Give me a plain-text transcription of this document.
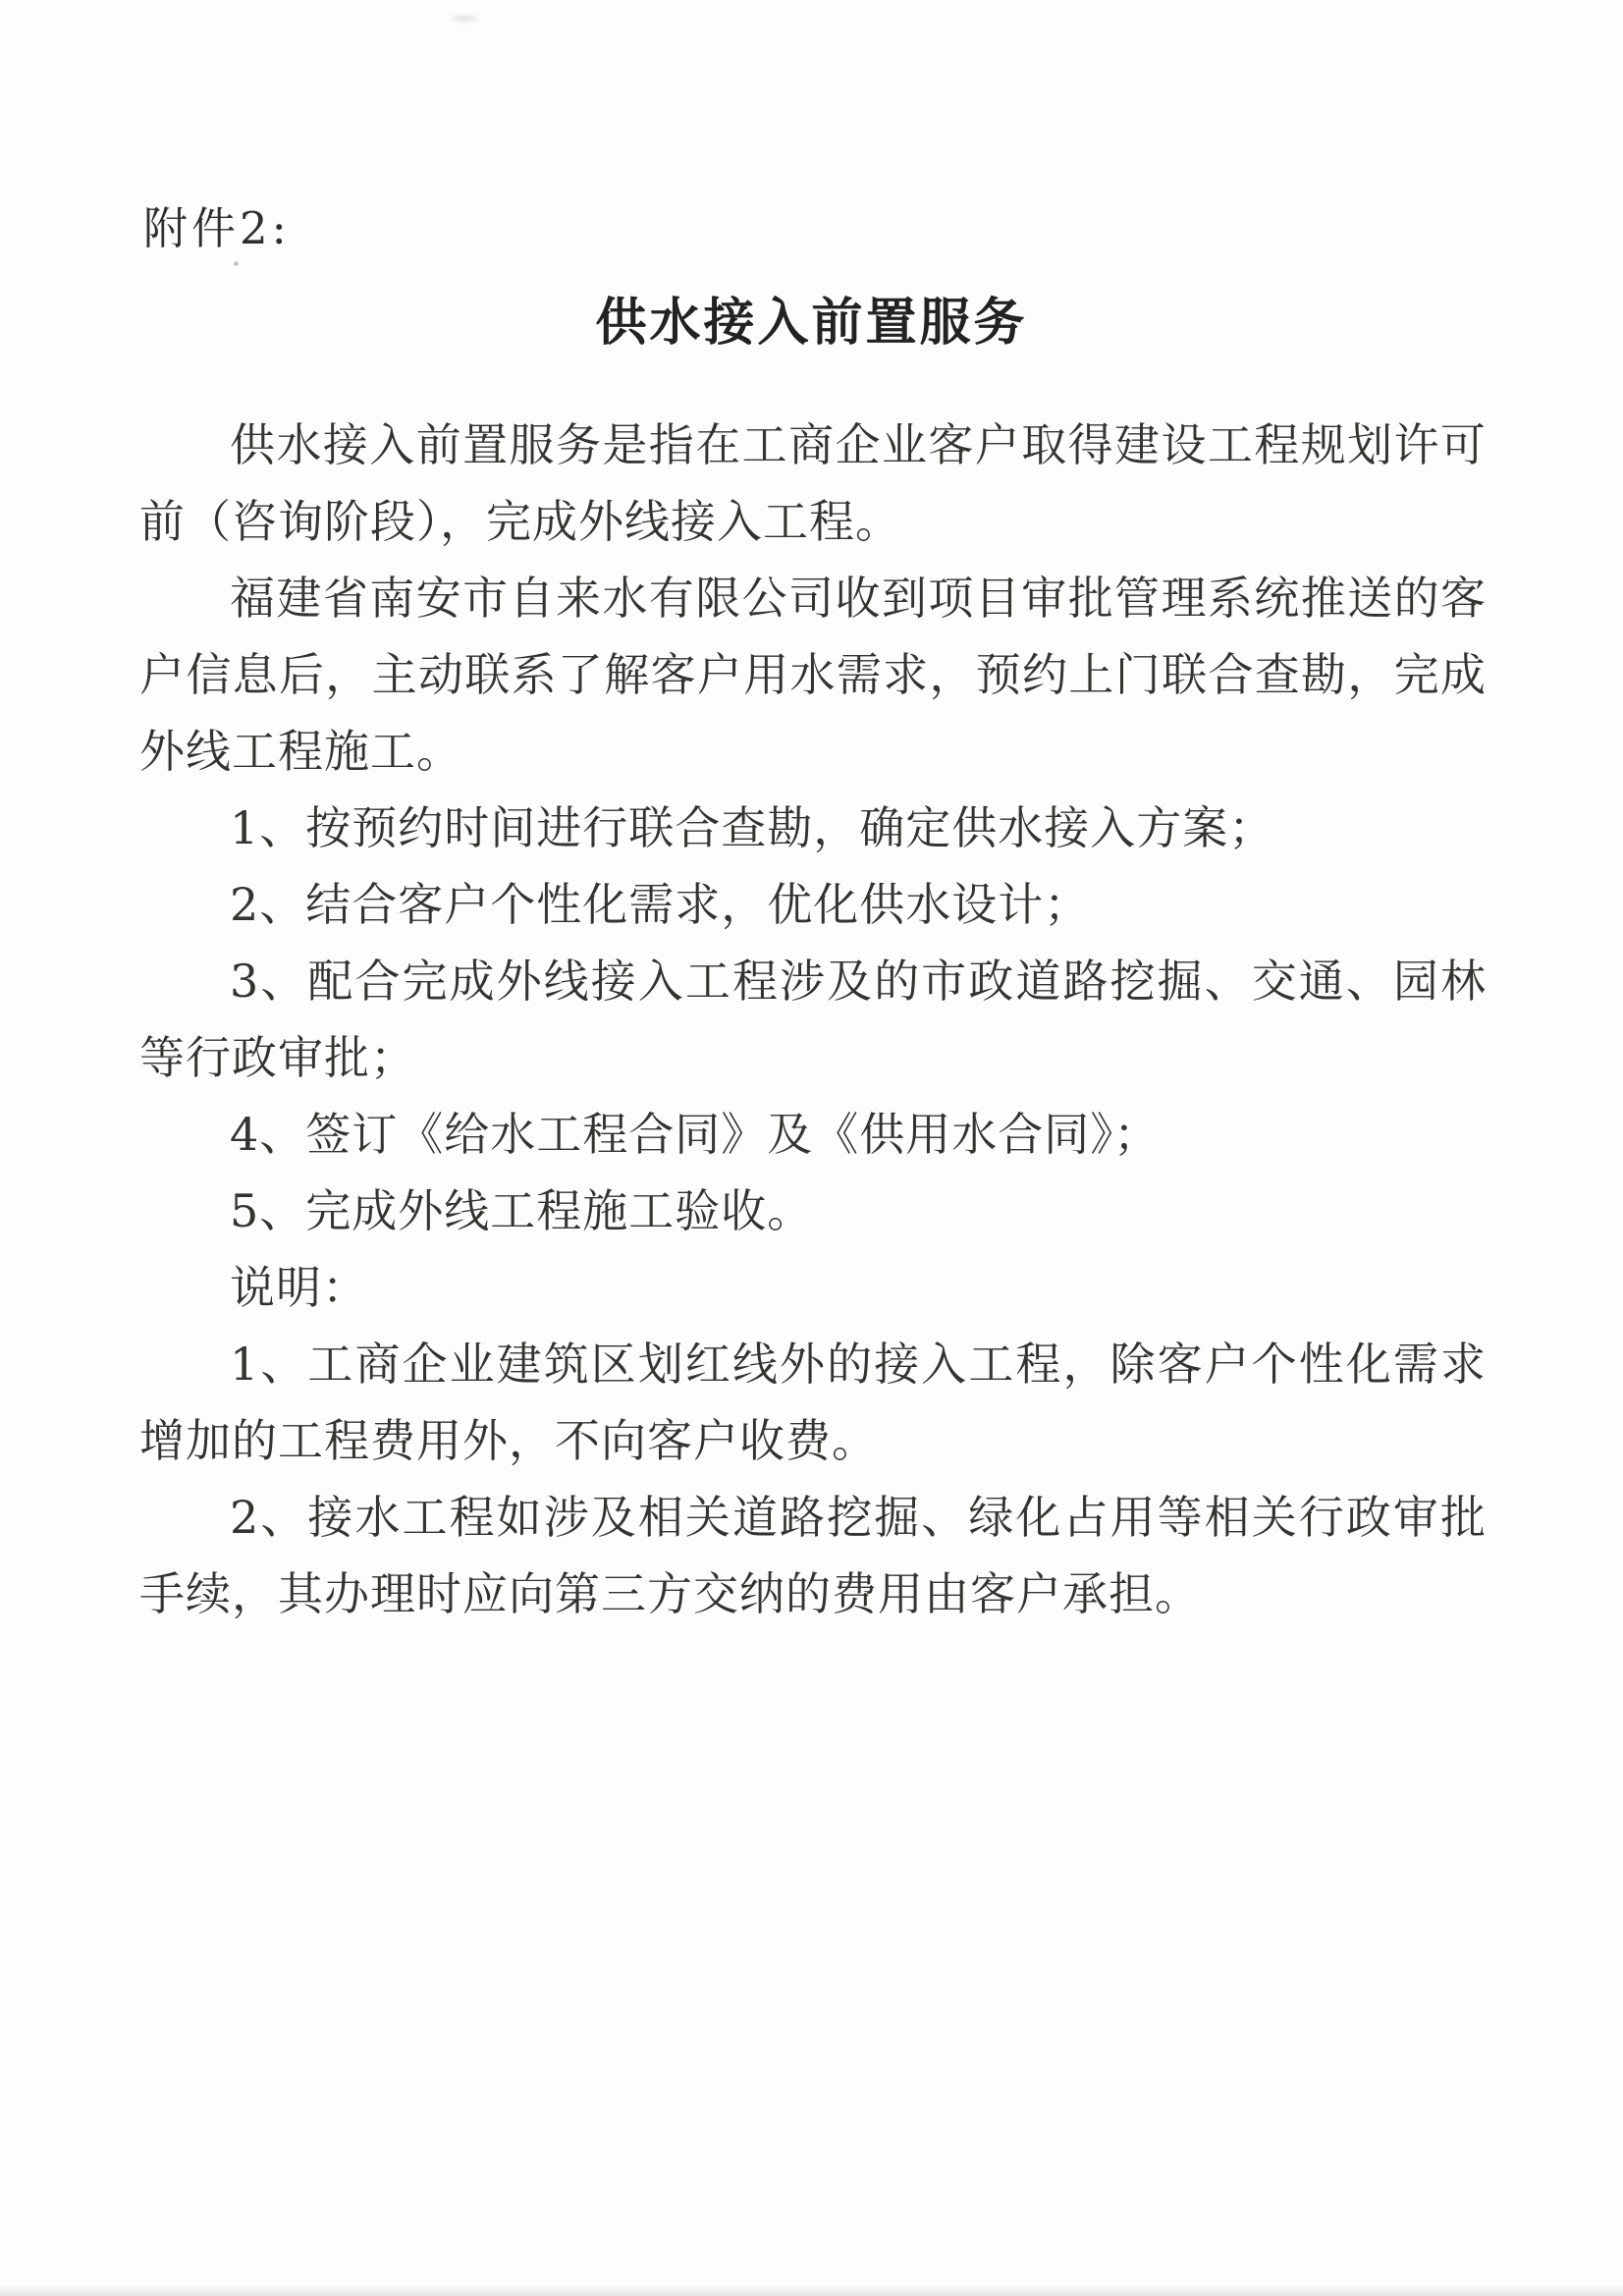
附件2:
供水接入前置服务

供水接入前置服务是指在工商企业客户取得建设工程规划许可前（咨询阶段），完成外线接入工程。

福建省南安市自来水有限公司收到项目审批管理系统推送的客户信息后，主动联系了解客户用水需求，预约上门联合查勘，完成外线工程施工。

1、按预约时间进行联合查勘，确定供水接入方案；

2、结合客户个性化需求，优化供水设计；

3、配合完成外线接入工程涉及的市政道路挖掘、交通、园林等行政审批；

4、签订《给水工程合同》及《供用水合同》；

5、完成外线工程施工验收。

说明：

1、工商企业建筑区划红线外的接入工程，除客户个性化需求增加的工程费用外，不向客户收费。

2、接水工程如涉及相关道路挖掘、绿化占用等相关行政审批手续，其办理时应向第三方交纳的费用由客户承担。
